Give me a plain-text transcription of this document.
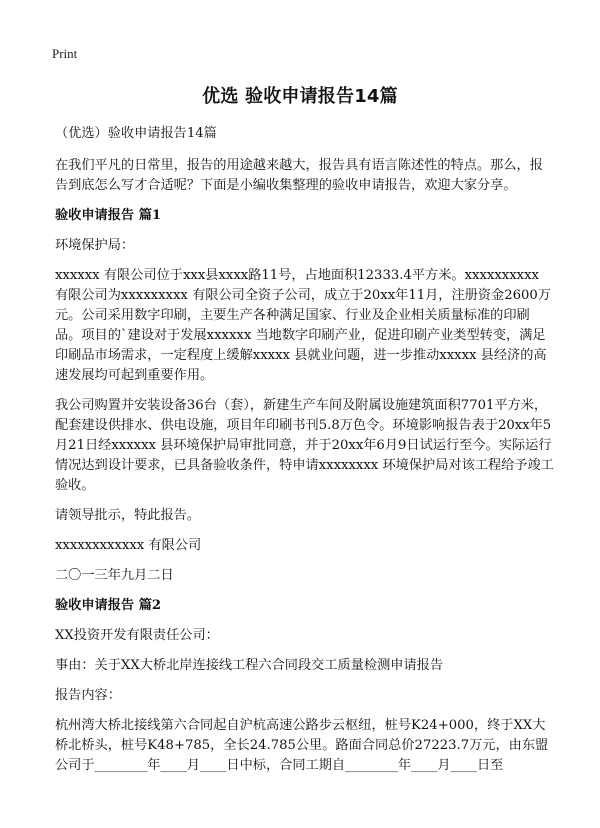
Print
优选 验收申请报告14篇

（优选）验收申请报告14篇

在我们平凡的日常里，报告的用途越来越大，报告具有语言陈述性的特点。那么，报告到底怎么写才合适呢？下面是小编收集整理的验收申请报告，欢迎大家分享。

验收申请报告 篇1

环境保护局：

xxxxxx 有限公司位于xxx县xxxx路11号，占地面积12333.4平方米。xxxxxxxxxx 有限公司为xxxxxxxxx 有限公司全资子公司，成立于20xx年11月，注册资金2600万元。公司采用数字印刷，主要生产各种满足国家、行业及企业相关质量标准的印刷品。项目的`建设对于发展xxxxxx 当地数字印刷产业，促进印刷产业类型转变，满足印刷品市场需求，一定程度上缓解xxxxx 县就业问题，进一步推动xxxxx 县经济的高速发展均可起到重要作用。

我公司购置并安装设备36台（套），新建生产车间及附属设施建筑面积7701平方米，配套建设供排水、供电设施，项目年印刷书刊5.8万色令。环境影响报告表于20xx年5月21日经xxxxxx 县环境保护局审批同意，并于20xx年6月9日试运行至今。实际运行情况达到设计要求，已具备验收条件，特申请xxxxxxxx 环境保护局对该工程给予竣工验收。

请领导批示，特此报告。

xxxxxxxxxxxx 有限公司

二〇一三年九月二日

验收申请报告 篇2

XX投资开发有限责任公司：

事由：关于XX大桥北岸连接线工程六合同段交工质量检测申请报告

报告内容：

杭州湾大桥北接线第六合同起自沪杭高速公路步云枢纽，桩号K24+000，终于XX大桥北桥头，桩号K48+785，全长24.785公里。路面合同总价27223.7万元，由东盟公司于________年____月____日中标，合同工期自________年____月____日至
